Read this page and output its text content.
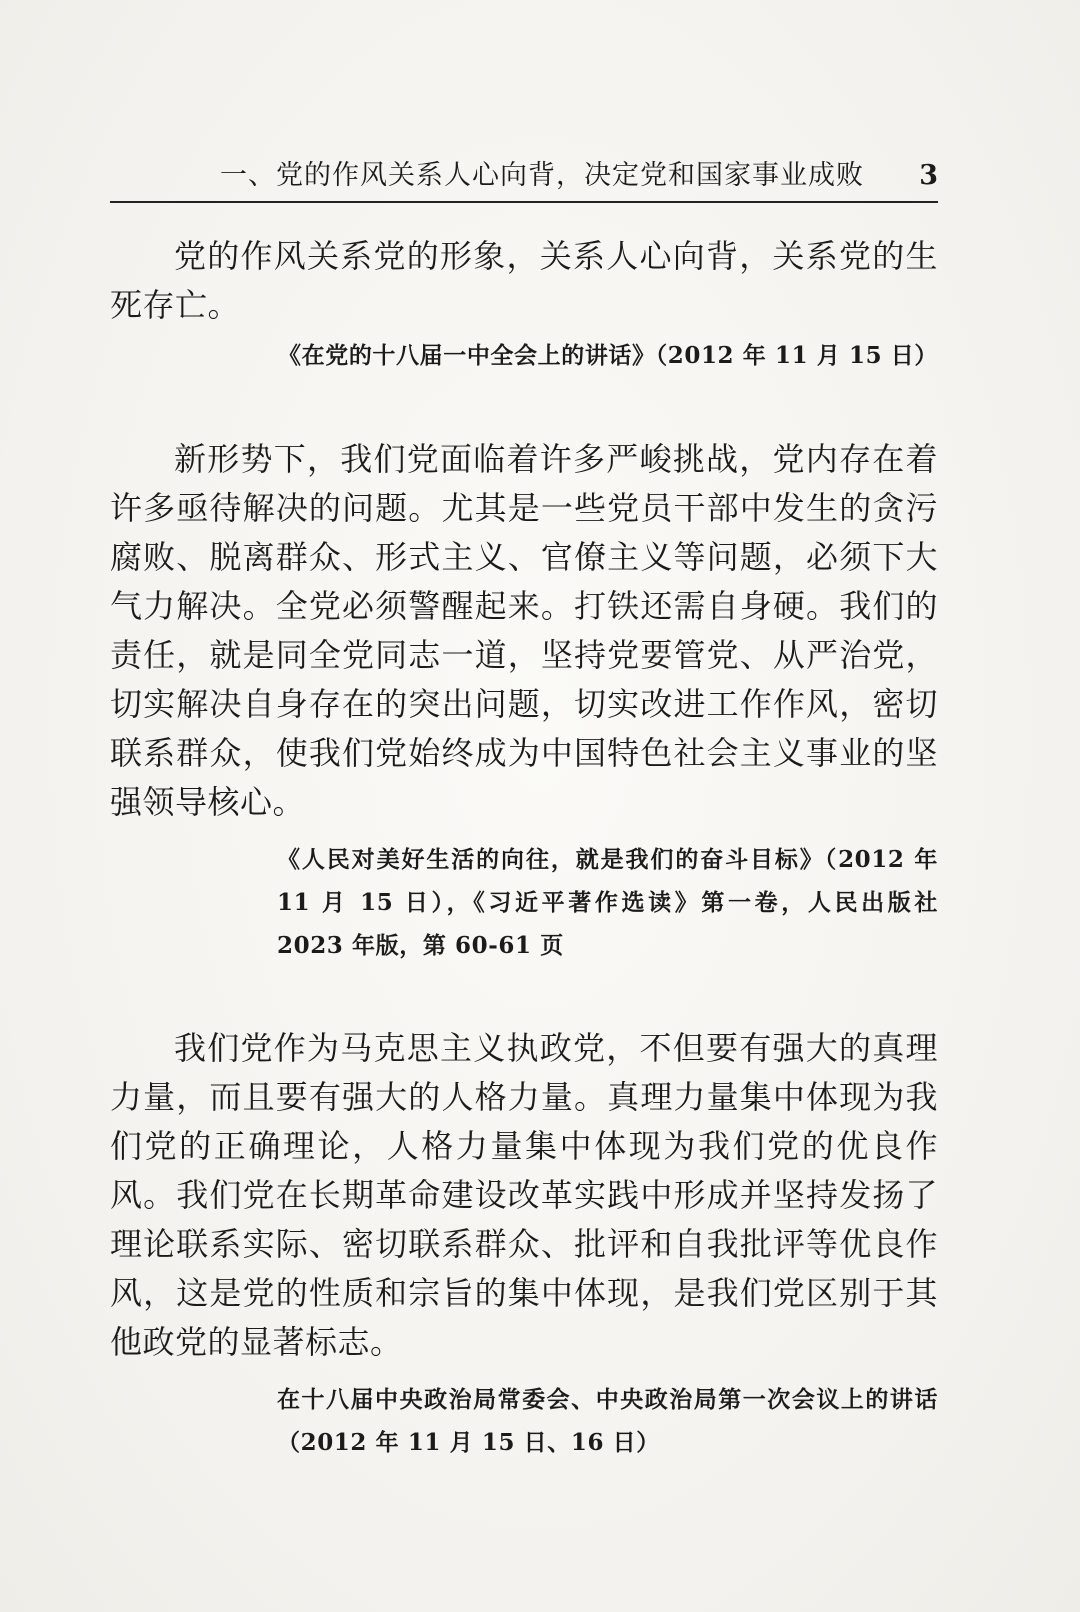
一、党的作风关系人心向背，决定党和国家事业成败 3

党的作风关系党的形象，关系人心向背，关系党的生死存亡。

《在党的十八届一中全会上的讲话》（2012 年 11 月 15 日）

新形势下，我们党面临着许多严峻挑战，党内存在着许多亟待解决的问题。尤其是一些党员干部中发生的贪污腐败、脱离群众、形式主义、官僚主义等问题，必须下大气力解决。全党必须警醒起来。打铁还需自身硬。我们的责任，就是同全党同志一道，坚持党要管党、从严治党，切实解决自身存在的突出问题，切实改进工作作风，密切联系群众，使我们党始终成为中国特色社会主义事业的坚强领导核心。

《人民对美好生活的向往，就是我们的奋斗目标》（2012 年 11 月 15 日），《习近平著作选读》第一卷，人民出版社 2023 年版，第 60-61 页

我们党作为马克思主义执政党，不但要有强大的真理力量，而且要有强大的人格力量。真理力量集中体现为我们党的正确理论，人格力量集中体现为我们党的优良作风。我们党在长期革命建设改革实践中形成并坚持发扬了理论联系实际、密切联系群众、批评和自我批评等优良作风，这是党的性质和宗旨的集中体现，是我们党区别于其他政党的显著标志。

在十八届中央政治局常委会、中央政治局第一次会议上的讲话（2012 年 11 月 15 日、16 日）
